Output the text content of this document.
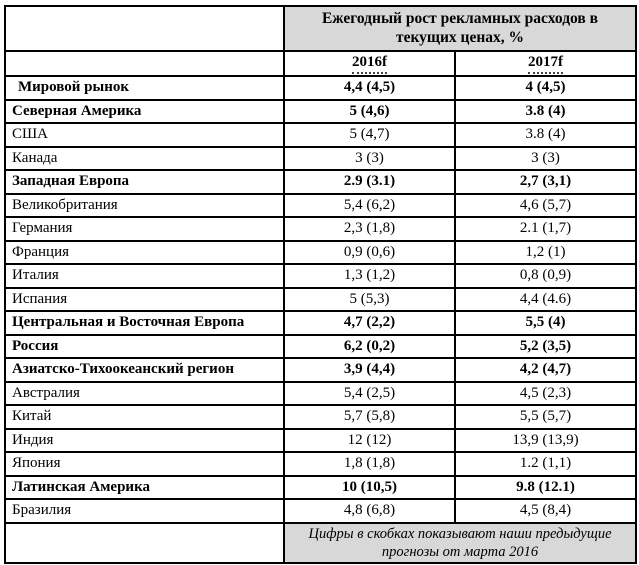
	Ежегодный рост рекламных расходов в текущих ценах, %	
	2016f	2017f
Мировой рынок	4,4 (4,5)	4 (4,5)
Северная Америка	5 (4,6)	3.8 (4)
США	5 (4,7)	3.8 (4)
Канада	3 (3)	3 (3)
Западная Европа	2.9 (3.1)	2,7 (3,1)
Великобритания	5,4 (6,2)	4,6 (5,7)
Германия	2,3 (1,8)	2.1 (1,7)
Франция	0,9 (0,6)	1,2 (1)
Италия	1,3 (1,2)	0,8 (0,9)
Испания	5 (5,3)	4,4 (4.6)
Центральная и Восточная Европа	4,7 (2,2)	5,5 (4)
Россия	6,2 (0,2)	5,2 (3,5)
Азиатско-Тихоокеанский регион	3,9 (4,4)	4,2 (4,7)
Австралия	5,4 (2,5)	4,5 (2,3)
Китай	5,7 (5,8)	5,5 (5,7)
Индия	12 (12)	13,9 (13,9)
Япония	1,8 (1,8)	1.2 (1,1)
Латинская Америка	10 (10,5)	9.8 (12.1)
Бразилия	4,8 (6,8)	4,5 (8,4)
	Цифры в скобках показывают наши предыдущие прогнозы от марта 2016	
